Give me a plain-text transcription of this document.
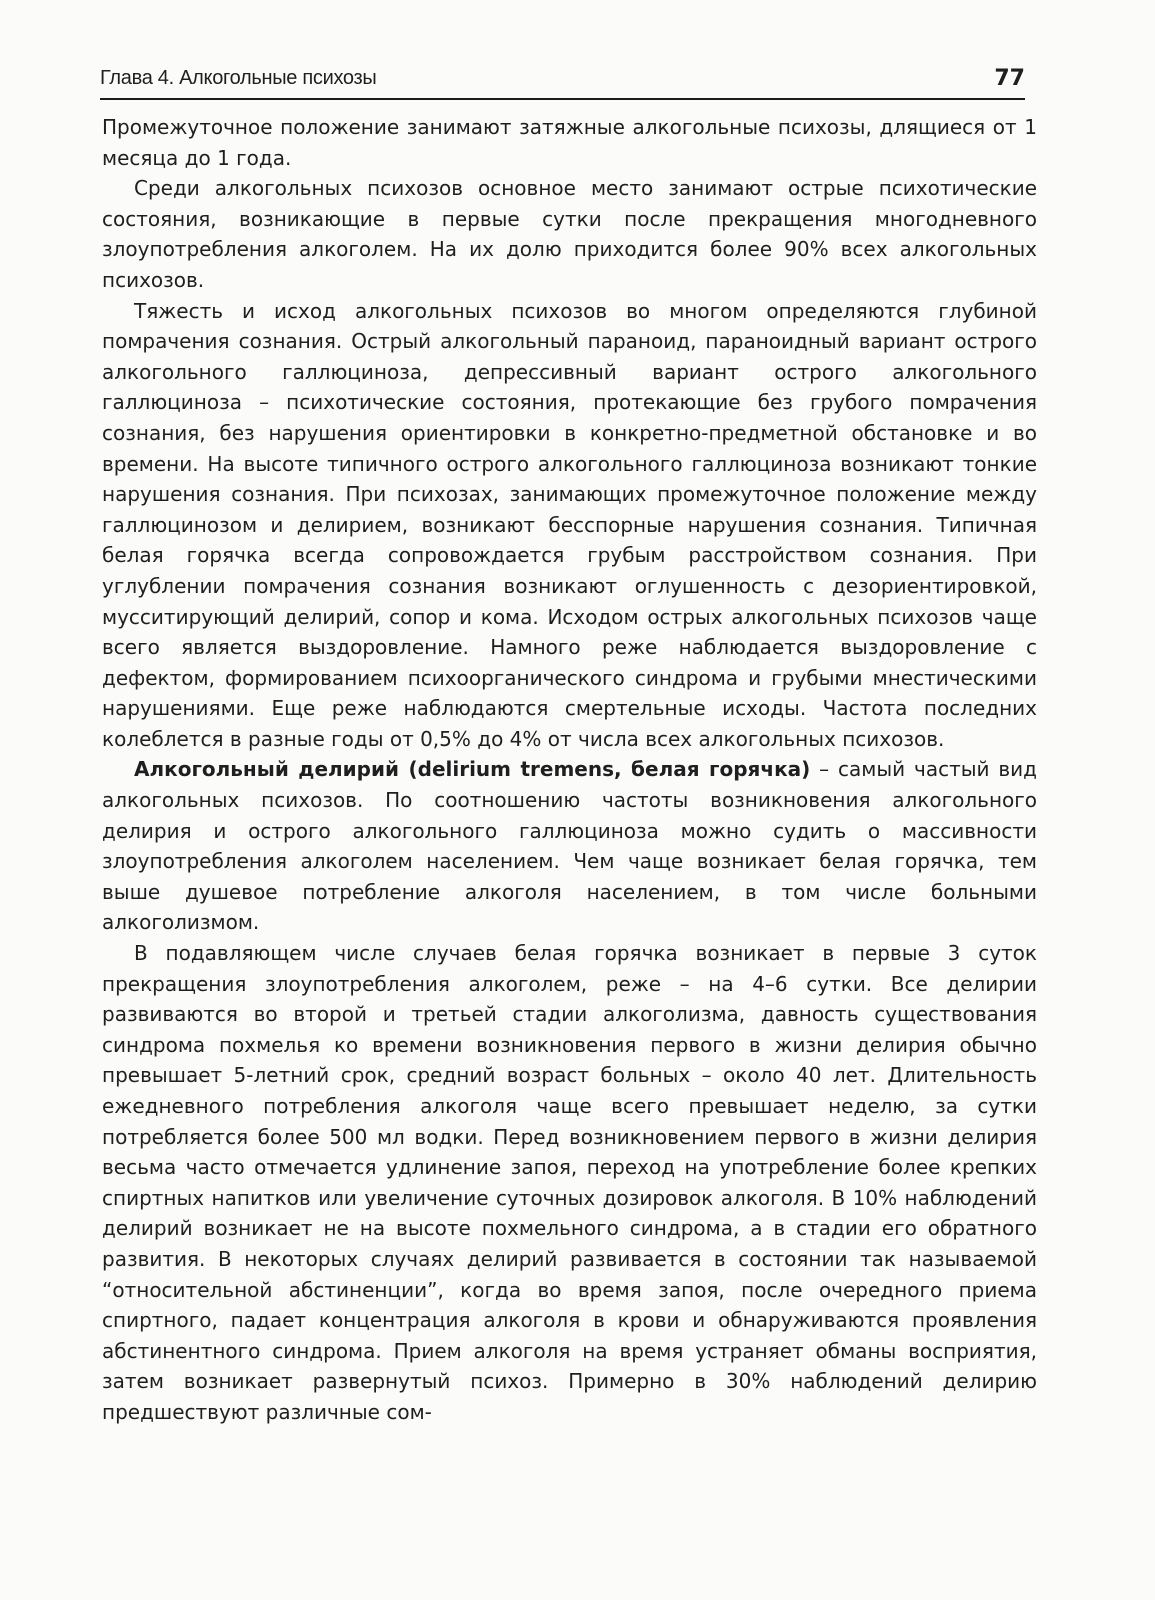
Глава 4. Алкогольные психозы	77

Промежуточное положение занимают затяжные алкогольные психозы, длящиеся от 1 месяца до 1 года.

Среди алкогольных психозов основное место занимают острые психотические состояния, возникающие в первые сутки после прекращения многодневного злоупотребления алкоголем. На их долю приходится более 90% всех алкогольных психозов.

Тяжесть и исход алкогольных психозов во многом определяются глубиной помрачения сознания. Острый алкогольный параноид, параноидный вариант острого алкогольного галлюциноза, депрессивный вариант острого алкогольного галлюциноза – психотические состояния, протекающие без грубого помрачения сознания, без нарушения ориентировки в конкретно-предметной обстановке и во времени. На высоте типичного острого алкогольного галлюциноза возникают тонкие нарушения сознания. При психозах, занимающих промежуточное положение между галлюцинозом и делирием, возникают бесспорные нарушения сознания. Типичная белая горячка всегда сопровождается грубым расстройством сознания. При углублении помрачения сознания возникают оглушенность с дезориентировкой, мусситирующий делирий, сопор и кома. Исходом острых алкогольных психозов чаще всего является выздоровление. Намного реже наблюдается выздоровление с дефектом, формированием психоорганического синдрома и грубыми мнестическими нарушениями. Еще реже наблюдаются смертельные исходы. Частота последних колеблется в разные годы от 0,5% до 4% от числа всех алкогольных психозов.

Алкогольный делирий (delirium tremens, белая горячка) – самый частый вид алкогольных психозов. По соотношению частоты возникновения алкогольного делирия и острого алкогольного галлюциноза можно судить о массивности злоупотребления алкоголем населением. Чем чаще возникает белая горячка, тем выше душевое потребление алкоголя населением, в том числе больными алкоголизмом.

В подавляющем числе случаев белая горячка возникает в первые 3 суток прекращения злоупотребления алкоголем, реже – на 4–6 сутки. Все делирии развиваются во второй и третьей стадии алкоголизма, давность существования синдрома похмелья ко времени возникновения первого в жизни делирия обычно превышает 5-летний срок, средний возраст больных – около 40 лет. Длительность ежедневного потребления алкоголя чаще всего превышает неделю, за сутки потребляется более 500 мл водки. Перед возникновением первого в жизни делирия весьма часто отмечается удлинение запоя, переход на употребление более крепких спиртных напитков или увеличение суточных дозировок алкоголя. В 10% наблюдений делирий возникает не на высоте похмельного синдрома, а в стадии его обратного развития. В некоторых случаях делирий развивается в состоянии так называемой “относительной абстиненции”, когда во время запоя, после очередного приема спиртного, падает концентрация алкоголя в крови и обнаруживаются проявления абстинентного синдрома. Прием алкоголя на время устраняет обманы восприятия, затем возникает развернутый психоз. Примерно в 30% наблюдений делирию предшествуют различные сом-
